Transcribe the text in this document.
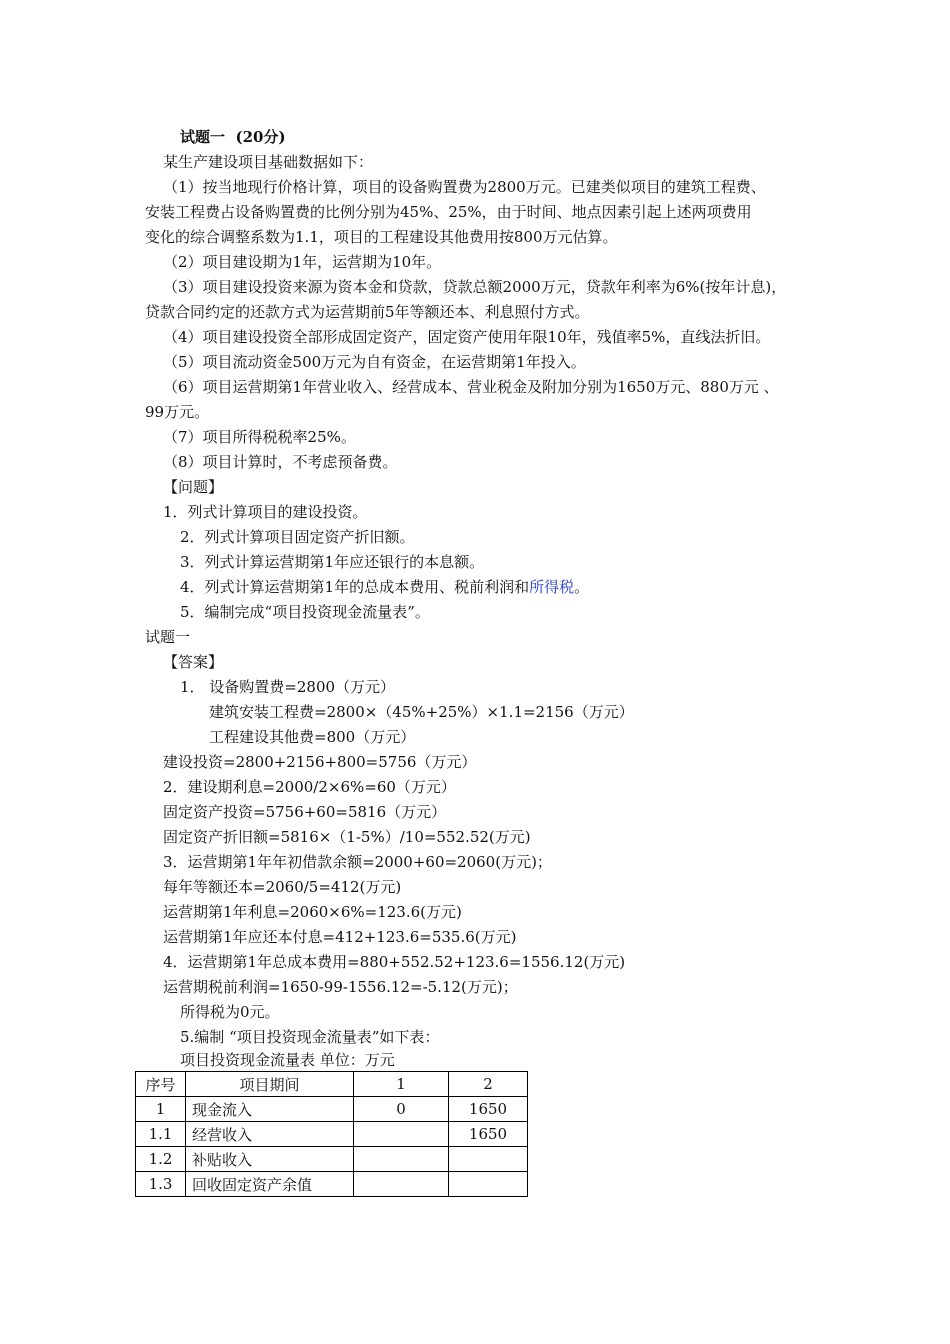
试题一 (20分)
某生产建设项目基础数据如下：
（1）按当地现行价格计算，项目的设备购置费为2800万元。已建类似项目的建筑工程费、
安装工程费占设备购置费的比例分别为45%、25%，由于时间、地点因素引起上述两项费用
变化的综合调整系数为1.1，项目的工程建设其他费用按800万元估算。
（2）项目建设期为1年，运营期为10年。
（3）项目建设投资来源为资本金和贷款，贷款总额2000万元，贷款年利率为6%(按年计息)，
贷款合同约定的还款方式为运营期前5年等额还本、利息照付方式。
（4）项目建设投资全部形成固定资产，固定资产使用年限10年，残值率5%，直线法折旧。
（5）项目流动资金500万元为自有资金，在运营期第1年投入。
（6）项目运营期第1年营业收入、经营成本、营业税金及附加分别为1650万元、880万元 、
99万元。
（7）项目所得税税率25%。
（8）项目计算时，不考虑预备费。
【问题】
1．列式计算项目的建设投资。
2．列式计算项目固定资产折旧额。
3．列式计算运营期第1年应还银行的本息额。
4．列式计算运营期第1年的总成本费用、税前利润和所得税。
5．编制完成“项目投资现金流量表”。
试题一
【答案】
1． 设备购置费=2800（万元）
建筑安装工程费=2800×（45%+25%）×1.1=2156（万元）
工程建设其他费=800（万元）
建设投资=2800+2156+800=5756（万元）
2．建设期利息=2000/2×6%=60（万元）
固定资产投资=5756+60=5816（万元）
固定资产折旧额=5816×（1-5%）/10=552.52(万元)
3．运营期第1年年初借款余额=2000+60=2060(万元)；
每年等额还本=2060/5=412(万元)
运营期第1年利息=2060×6%=123.6(万元)
运营期第1年应还本付息=412+123.6=535.6(万元)
4．运营期第1年总成本费用=880+552.52+123.6=1556.12(万元)
运营期税前利润=1650-99-1556.12=-5.12(万元)；
所得税为0元。
5.编制 “项目投资现金流量表”如下表：
项目投资现金流量表 单位：万元
序号	项目期间	1	2
1	现金流入	0	1650
1.1	经营收入		1650
1.2	补贴收入		
1.3	回收固定资产余值		
